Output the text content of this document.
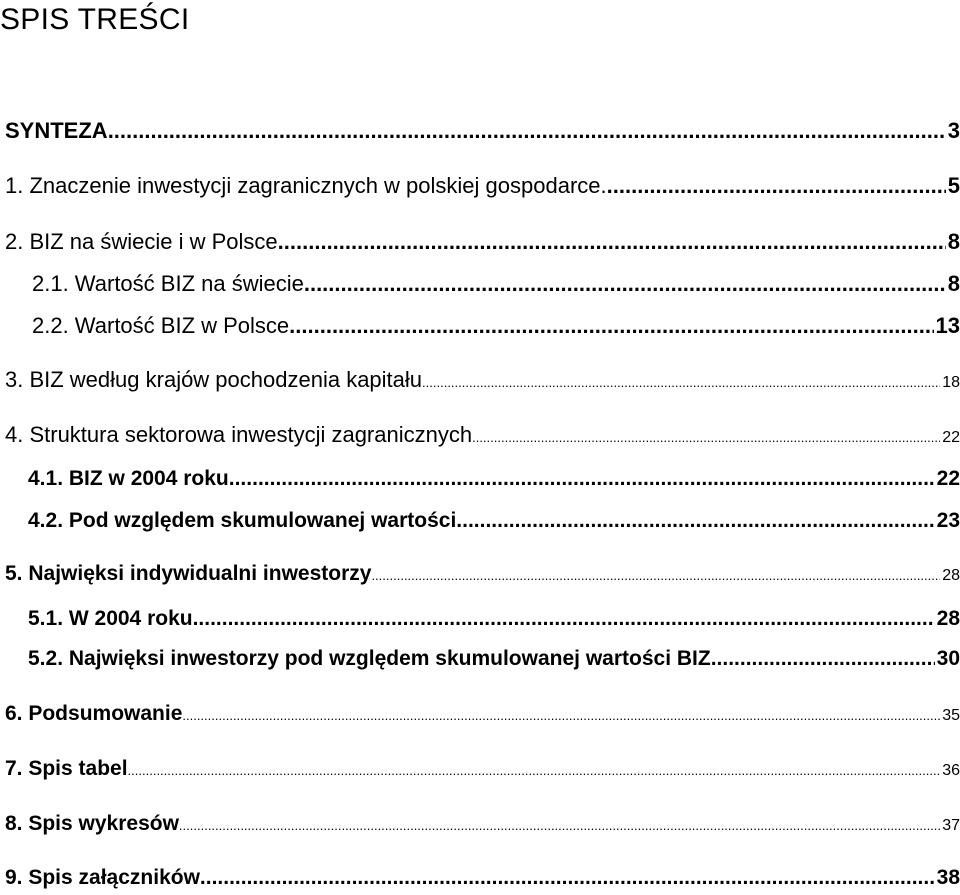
SPIS TREŚCI
SYNTEZA .....	3
1. Znaczenie inwestycji zagranicznych w polskiej gospodarce. .....	5
2. BIZ na świecie i w Polsce .....	8
2.1. Wartość BIZ na świecie .....	8
2.2. Wartość BIZ w Polsce .....	13
3. BIZ według krajów pochodzenia kapitału .....	18
4. Struktura sektorowa inwestycji zagranicznych .....	22
4.1. BIZ w 2004 roku .....	22
4.2. Pod względem skumulowanej wartości .....	23
5. Najwięksi indywidualni inwestorzy .....	28
5.1. W 2004 roku .....	28
5.2. Najwięksi inwestorzy pod względem skumulowanej wartości BIZ .....	30
6. Podsumowanie .....	35
7. Spis tabel .....	36
8. Spis wykresów .....	37
9. Spis załączników .....	38
